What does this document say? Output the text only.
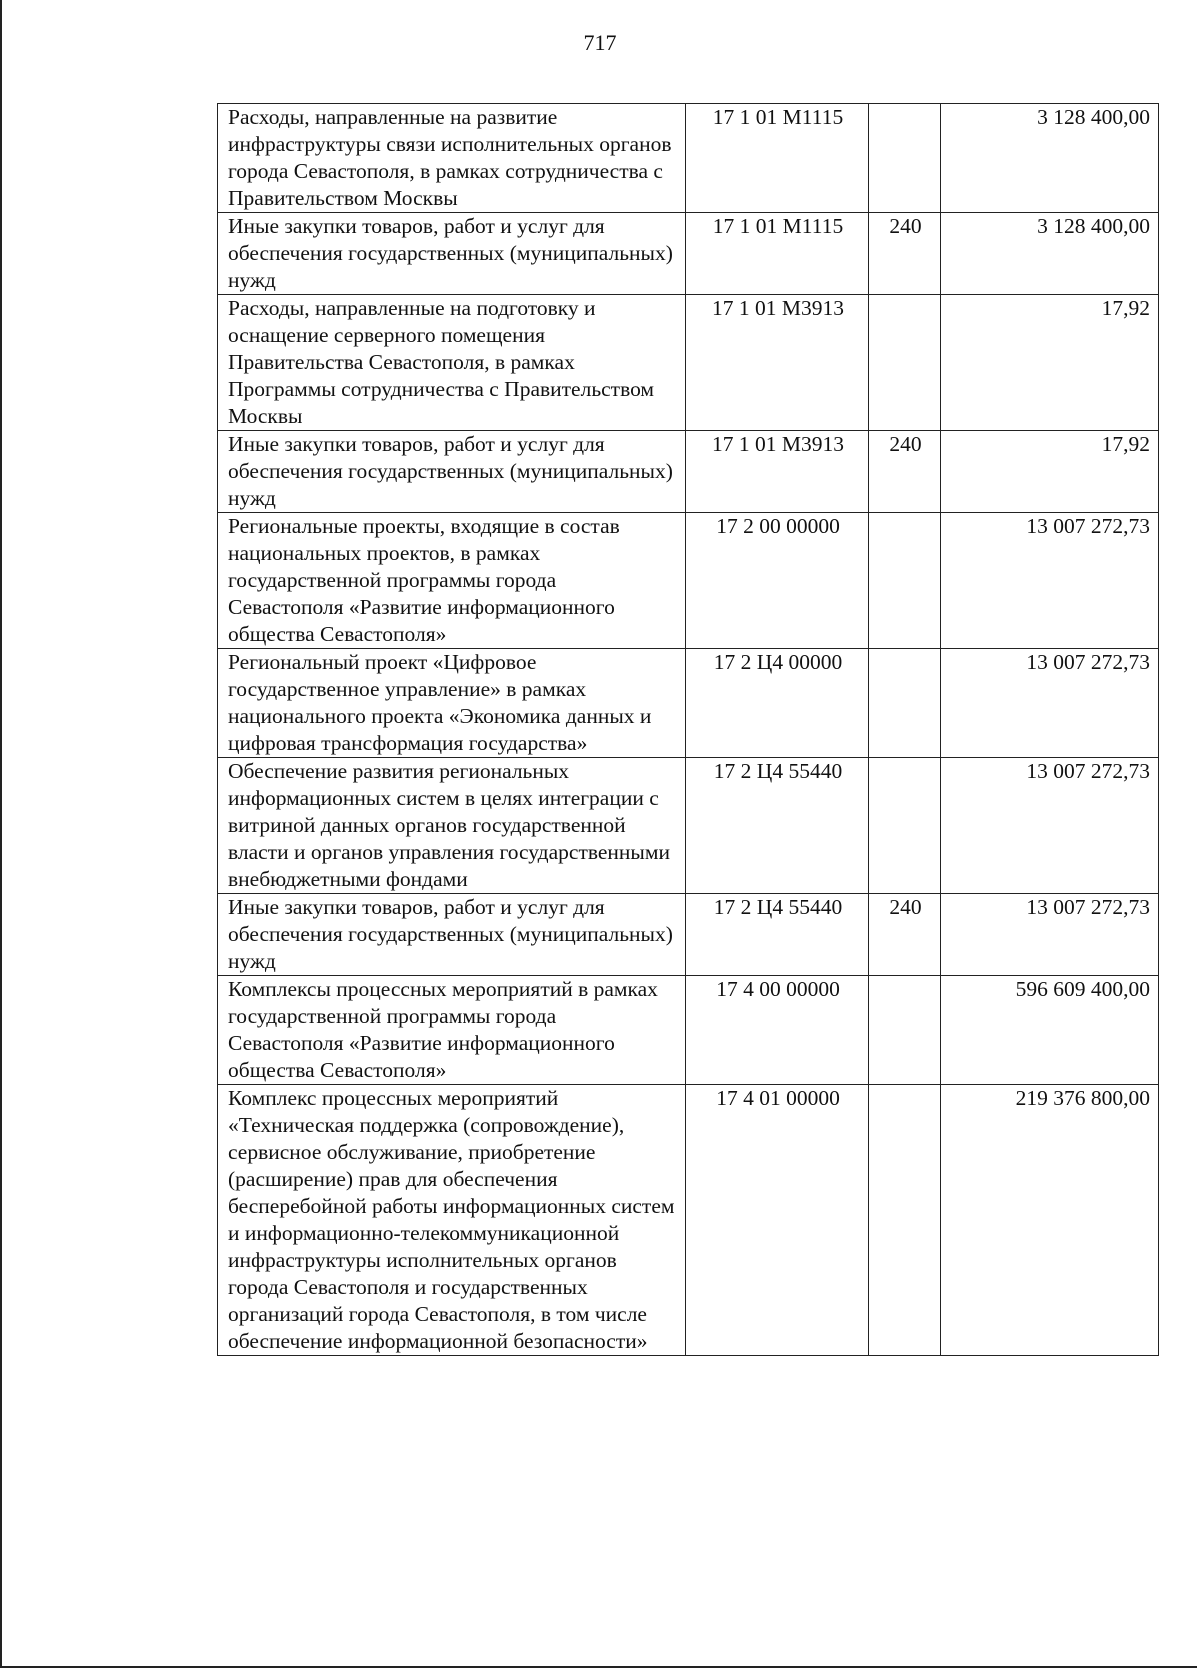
717
Расходы, направленные на развитие инфраструктуры связи исполнительных органов города Севастополя, в рамках сотрудничества с Правительством Москвы	17 1 01 М1115		3 128 400,00
Иные закупки товаров, работ и услуг для обеспечения государственных (муниципальных) нужд	17 1 01 М1115	240	3 128 400,00
Расходы, направленные на подготовку и оснащение серверного помещения Правительства Севастополя, в рамках Программы сотрудничества с Правительством Москвы	17 1 01 М3913		17,92
Иные закупки товаров, работ и услуг для обеспечения государственных (муниципальных) нужд	17 1 01 М3913	240	17,92
Региональные проекты, входящие в состав национальных проектов, в рамках государственной программы города Севастополя «Развитие информационного общества Севастополя»	17 2 00 00000		13 007 272,73
Региональный проект «Цифровое государственное управление» в рамках национального проекта «Экономика данных и цифровая трансформация государства»	17 2 Ц4 00000		13 007 272,73
Обеспечение развития региональных информационных систем в целях интеграции с витриной данных органов государственной власти и органов управления государственными внебюджетными фондами	17 2 Ц4 55440		13 007 272,73
Иные закупки товаров, работ и услуг для обеспечения государственных (муниципальных) нужд	17 2 Ц4 55440	240	13 007 272,73
Комплексы процессных мероприятий в рамках государственной программы города Севастополя «Развитие информационного общества Севастополя»	17 4 00 00000		596 609 400,00
Комплекс процессных мероприятий «Техническая поддержка (сопровождение), сервисное обслуживание, приобретение (расширение) прав для обеспечения бесперебойной работы информационных систем и информационно-телекоммуникационной инфраструктуры исполнительных органов города Севастополя и государственных организаций города Севастополя, в том числе обеспечение информационной безопасности»	17 4 01 00000		219 376 800,00
